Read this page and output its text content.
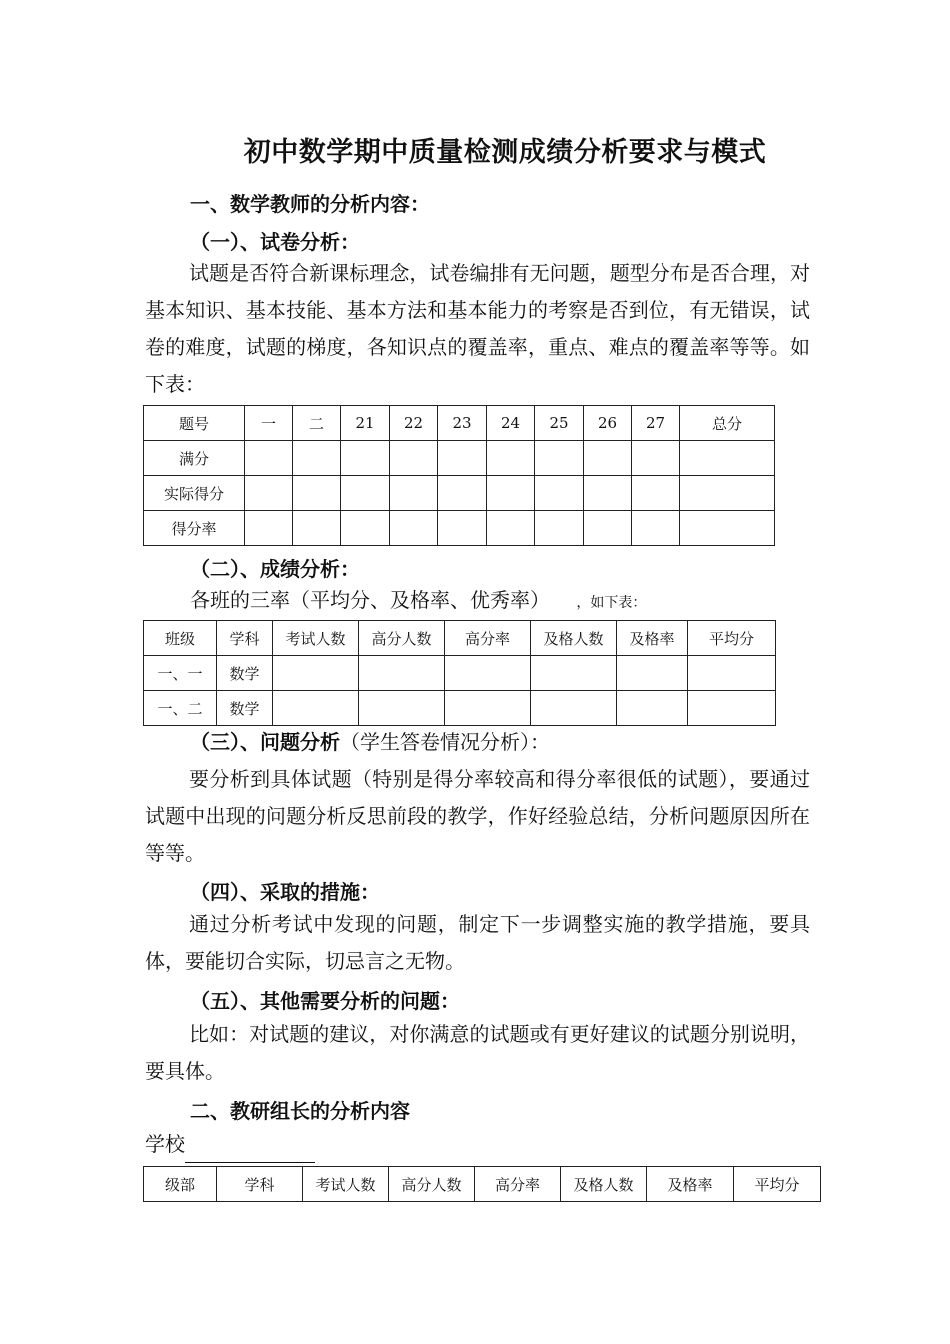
初中数学期中质量检测成绩分析要求与模式
一、数学教师的分析内容：
（一）、试卷分析：
试题是否符合新课标理念，试卷编排有无问题，题型分布是否合理，对基本知识、基本技能、基本方法和基本能力的考察是否到位，有无错误，试卷的难度，试题的梯度，各知识点的覆盖率，重点、难点的覆盖率等等。如下表：
题号	一	二	21	22	23	24	25	26	27	总分
满分										
实际得分										
得分率										
（二）、成绩分析：
各班的三率（平均分、及格率、优秀率） ，如下表：
班级	学科	考试人数	高分人数	高分率	及格人数	及格率	平均分
一、一	数学						
一、二	数学						
（三）、问题分析（学生答卷情况分析）：
要分析到具体试题（特别是得分率较高和得分率很低的试题），要通过试题中出现的问题分析反思前段的教学，作好经验总结，分析问题原因所在等等。
（四）、采取的措施：
通过分析考试中发现的问题，制定下一步调整实施的教学措施，要具体，要能切合实际，切忌言之无物。
（五）、其他需要分析的问题：
比如：对试题的建议，对你满意的试题或有更好建议的试题分别说明，要具体。
二、教研组长的分析内容
学校
级部	学科	考试人数	高分人数	高分率	及格人数	及格率	平均分
